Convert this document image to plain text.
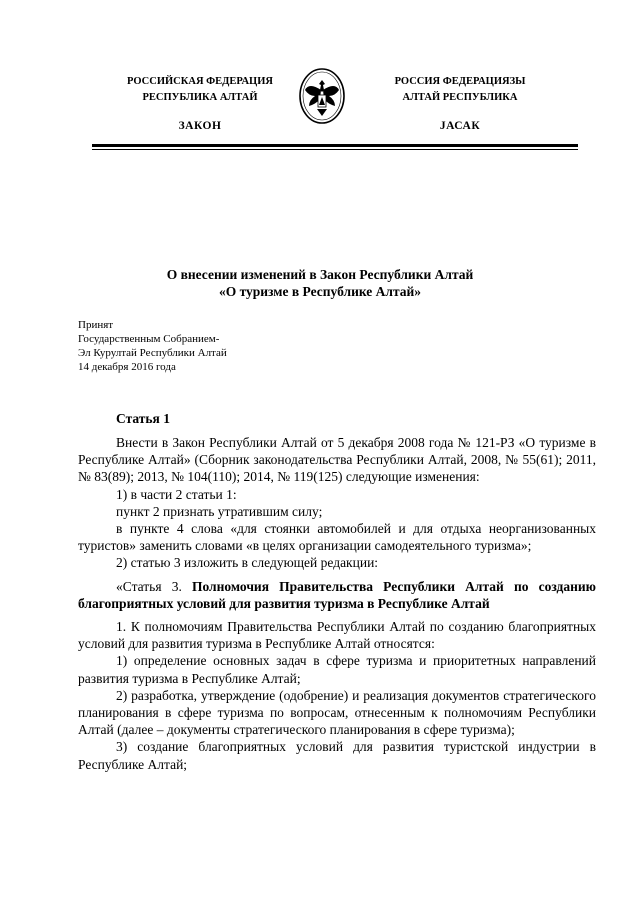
РОССИЙСКАЯ ФЕДЕРАЦИЯ
РЕСПУБЛИКА АЛТАЙ
ЗАКОН
РОССИЯ ФЕДЕРАЦИЯЗЫ
АЛТАЙ РЕСПУБЛИКА
JАСАК
О внесении изменений в Закон Республики Алтай
«О туризме в Республике Алтай»
Принят
Государственным Собранием-
Эл Курултай Республики Алтай
14 декабря 2016 года
Статья 1

Внести в Закон Республики Алтай от 5 декабря 2008 года № 121-РЗ «О туризме в Республике Алтай» (Сборник законодательства Республики Алтай, 2008, № 55(61); 2011, № 83(89); 2013, № 104(110); 2014, № 119(125) следующие изменения:

1) в части 2 статьи 1:

пункт 2 признать утратившим силу;

в пункте 4 слова «для стоянки автомобилей и для отдыха неорганизованных туристов» заменить словами «в целях организации самодеятельного туризма»;

2) статью 3 изложить в следующей редакции:

«Статья 3. Полномочия Правительства Республики Алтай по созданию благоприятных условий для развития туризма в Республике Алтай

1. К полномочиям Правительства Республики Алтай по созданию благоприятных условий для развития туризма в Республике Алтай относятся:

1) определение основных задач в сфере туризма и приоритетных направлений развития туризма в Республике Алтай;

2) разработка, утверждение (одобрение) и реализация документов стратегического планирования в сфере туризма по вопросам, отнесенным к полномочиям Республики Алтай (далее – документы стратегического планирования в сфере туризма);

3) создание благоприятных условий для развития туристской индустрии в Республике Алтай;
